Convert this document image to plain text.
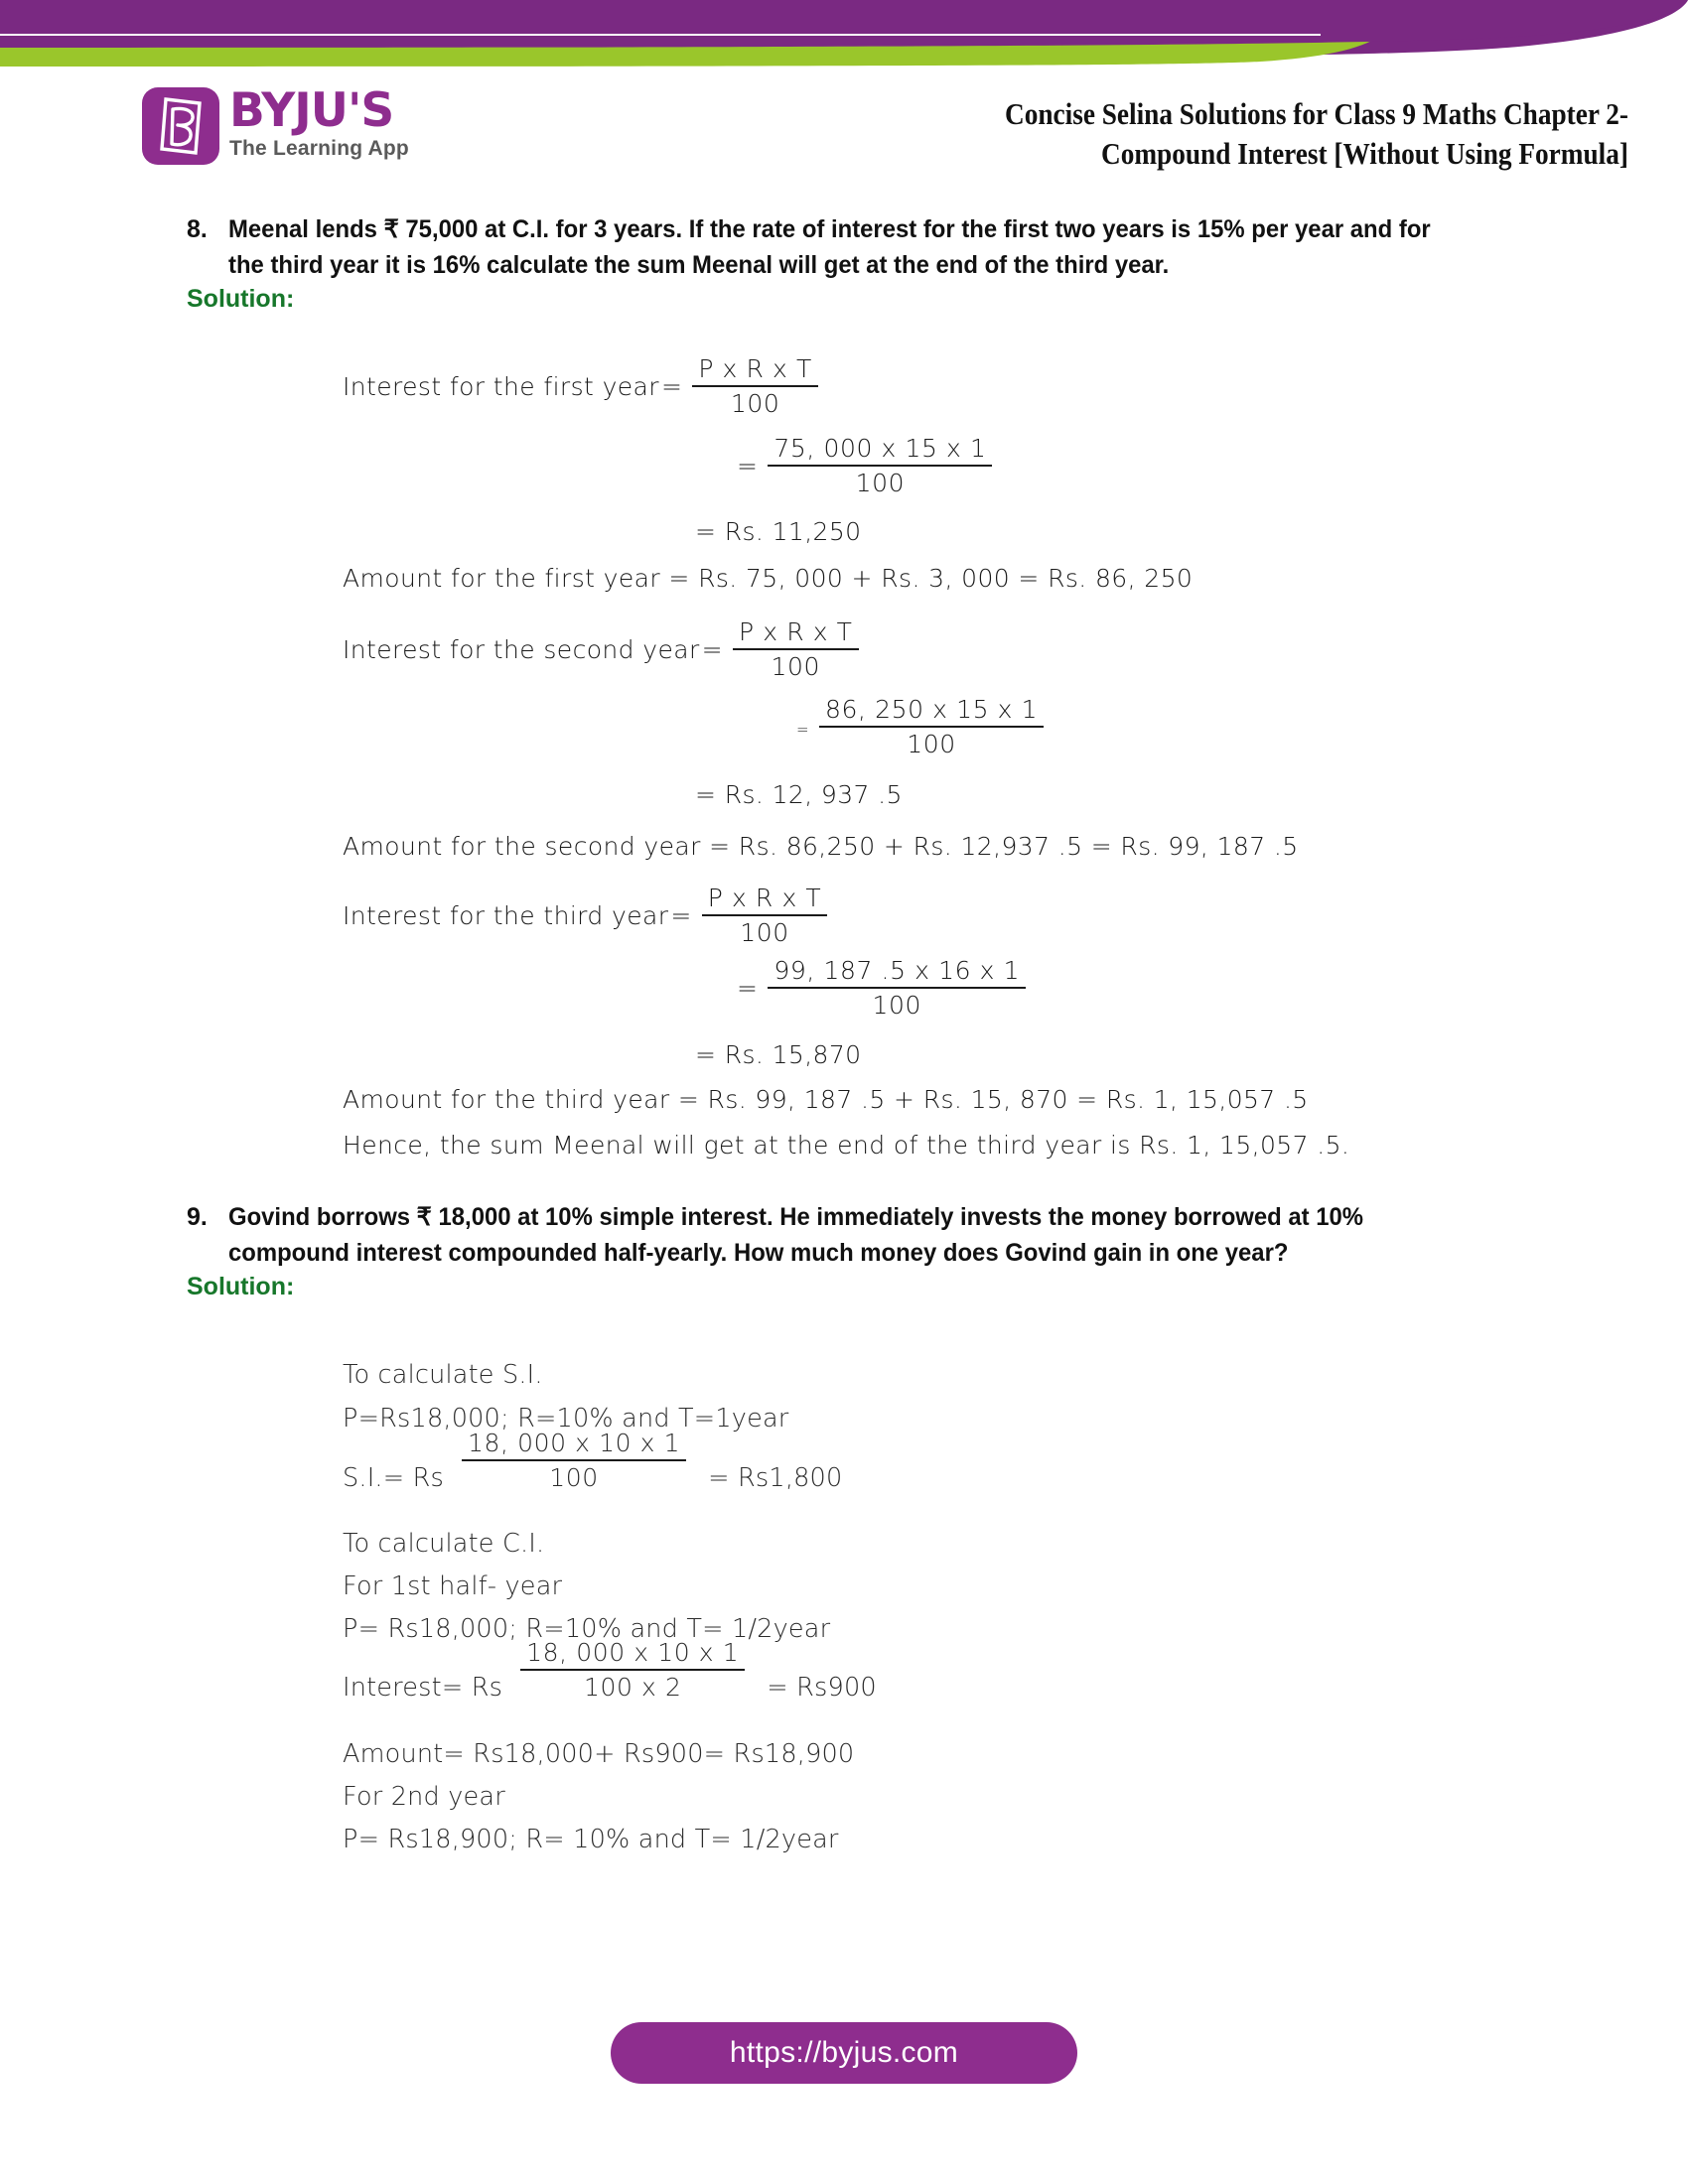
BYJU'S
The Learning App
Concise Selina Solutions for Class 9 Maths Chapter 2-
Compound Interest [Without Using Formula]
8. Meenal lends ₹ 75,000 at C.I. for 3 years. If the rate of interest for the first two years is 15% per year and for the third year it is 16% calculate the sum Meenal will get at the end of the third year.
Solution:
Interest for the first year = $\frac{\text{P x R x T}}{100}$
= $\frac{75, 000 x 15 x 1}{100}$
= Rs. 11,250
Amount for the first year = Rs. 75, 000 + Rs. 3, 000 = Rs. 86, 250
Interest for the second year = $\frac{\text{P x R x T}}{100}$
= $\frac{86, 250 x 15 x 1}{100}$
= Rs. 12, 937 .5
Amount for the second year = Rs. 86,250 + Rs. 12,937 .5 = Rs. 99, 187 .5
Interest for the third year = $\frac{\text{P x R x T}}{100}$
= $\frac{99, 187 .5 x 16 x 1}{100}$
= Rs. 15,870
Amount for the third year = Rs. 99, 187 .5 + Rs. 15, 870 = Rs. 1, 15,057 .5
Hence, the sum Meenal will get at the end of the third year is Rs. 1, 15,057 .5.
9. Govind borrows ₹ 18,000 at 10% simple interest. He immediately invests the money borrowed at 10% compound interest compounded half-yearly. How much money does Govind gain in one year?
Solution:
To calculate S.I.
P=Rs18,000; R=10% and T=1year
S.I.= Rs $\frac{18, 000 x 10 x 1}{100} = Rs1,800$
To calculate C.I.
For 1st half- year
P= Rs18,000; R=10% and T= 1/2year
Interest= Rs $\frac{18, 000 x 10 x 1}{100 x 2} = Rs900$
Amount= Rs18,000+ Rs900= Rs18,900
For 2nd year
P= Rs18,900; R= 10% and T= 1/2year
https://byjus.com
